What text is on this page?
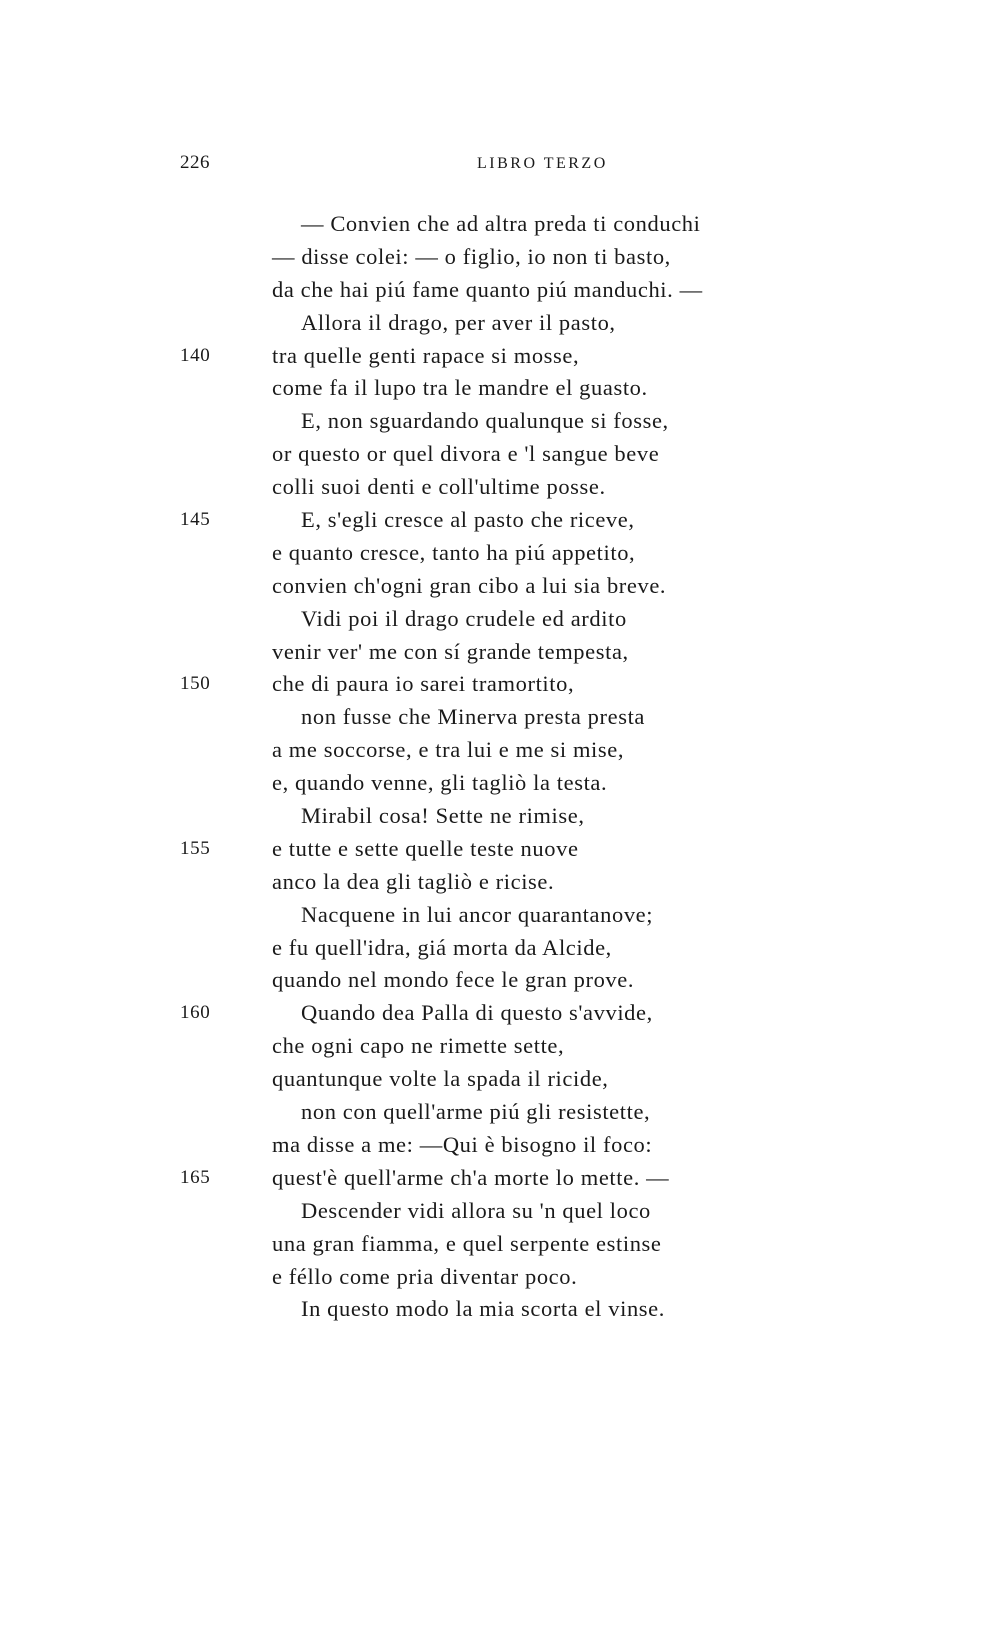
226	LIBRO TERZO
— Convien che ad altra preda ti conduchi
— disse colei: — o figlio, io non ti basto,
da che hai piú fame quanto piú manduchi. —
Allora il drago, per aver il pasto,
140	tra quelle genti rapace si mosse,
come fa il lupo tra le mandre el guasto.
E, non sguardando qualunque si fosse,
or questo or quel divora e 'l sangue beve
colli suoi denti e coll'ultime posse.
145	E, s'egli cresce al pasto che riceve,
e quanto cresce, tanto ha piú appetito,
convien ch'ogni gran cibo a lui sia breve.
Vidi poi il drago crudele ed ardito
venir ver' me con sí grande tempesta,
150	che di paura io sarei tramortito,
non fusse che Minerva presta presta
a me soccorse, e tra lui e me si mise,
e, quando venne, gli tagliò la testa.
Mirabil cosa! Sette ne rimise,
155	e tutte e sette quelle teste nuove
anco la dea gli tagliò e ricise.
Nacquene in lui ancor quarantanove;
e fu quell'idra, giá morta da Alcide,
quando nel mondo fece le gran prove.
160	Quando dea Palla di questo s'avvide,
che ogni capo ne rimette sette,
quantunque volte la spada il ricide,
non con quell'arme piú gli resistette,
ma disse a me: —Qui è bisogno il foco:
165	quest'è quell'arme ch'a morte lo mette. —
Descender vidi allora su 'n quel loco
una gran fiamma, e quel serpente estinse
e féllo come pria diventar poco.
In questo modo la mia scorta el vinse.
